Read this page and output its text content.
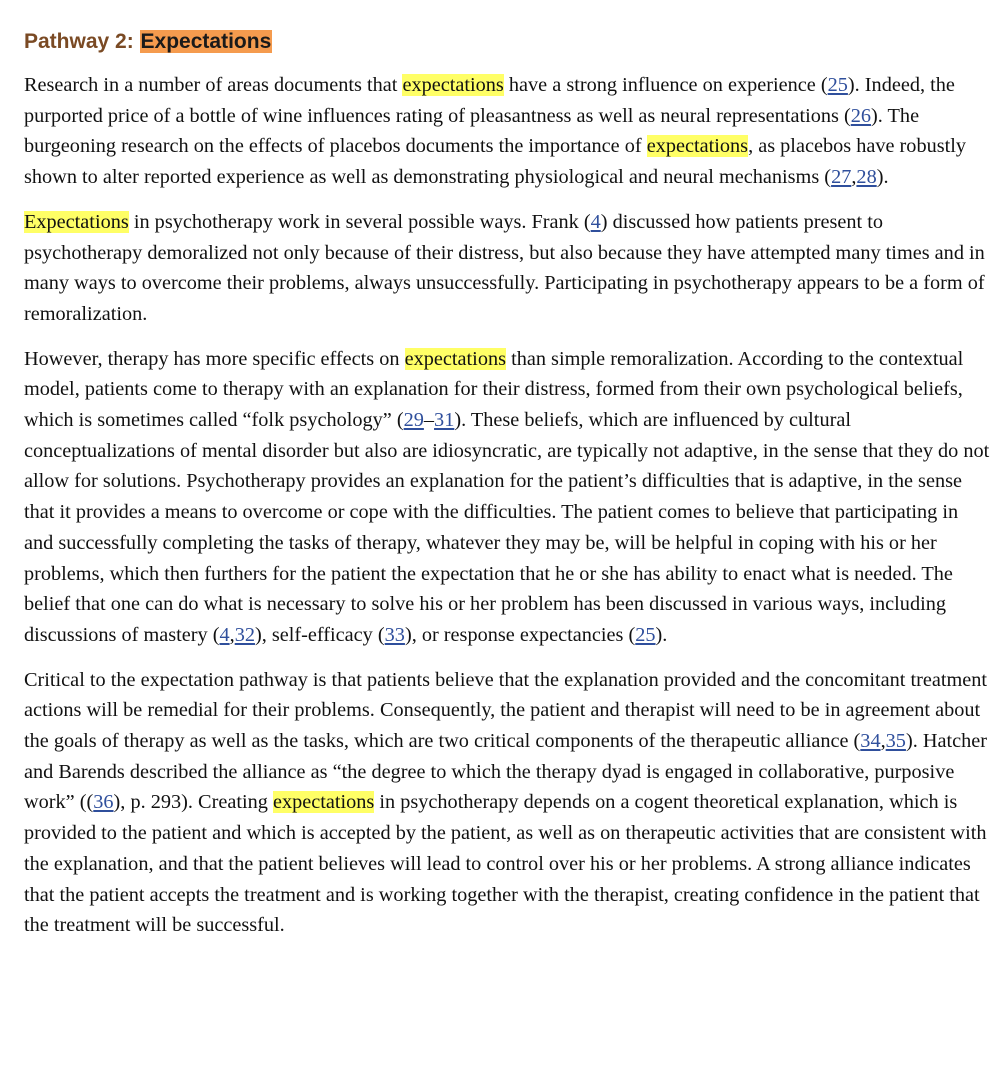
Pathway 2: Expectations

Research in a number of areas documents that expectations have a strong influence on experience (25). Indeed, the purported price of a bottle of wine influences rating of pleasantness as well as neural representations (26). The burgeoning research on the effects of placebos documents the importance of expectations, as placebos have robustly shown to alter reported experience as well as demonstrating physiological and neural mechanisms (27,28).

Expectations in psychotherapy work in several possible ways. Frank (4) discussed how patients present to psychotherapy demoralized not only because of their distress, but also because they have attempted many times and in many ways to overcome their problems, always unsuccessfully. Participating in psychotherapy appears to be a form of remoralization.

However, therapy has more specific effects on expectations than simple remoralization. According to the contextual model, patients come to therapy with an explanation for their distress, formed from their own psychological beliefs, which is sometimes called “folk psychology” (29–31). These beliefs, which are influenced by cultural conceptualizations of mental disorder but also are idiosyncratic, are typically not adaptive, in the sense that they do not allow for solutions. Psychotherapy provides an explanation for the patient’s difficulties that is adaptive, in the sense that it provides a means to overcome or cope with the difficulties. The patient comes to believe that participating in and successfully completing the tasks of therapy, whatever they may be, will be helpful in coping with his or her problems, which then furthers for the patient the expectation that he or she has ability to enact what is needed. The belief that one can do what is necessary to solve his or her problem has been discussed in various ways, including discussions of mastery (4,32), self-efficacy (33), or response expectancies (25).

Critical to the expectation pathway is that patients believe that the explanation provided and the concomitant treatment actions will be remedial for their problems. Consequently, the patient and therapist will need to be in agreement about the goals of therapy as well as the tasks, which are two critical components of the therapeutic alliance (34,35). Hatcher and Barends described the alliance as “the degree to which the therapy dyad is engaged in collaborative, purposive work” ((36), p. 293). Creating expectations in psychotherapy depends on a cogent theoretical explanation, which is provided to the patient and which is accepted by the patient, as well as on therapeutic activities that are consistent with the explanation, and that the patient believes will lead to control over his or her problems. A strong alliance indicates that the patient accepts the treatment and is working together with the therapist, creating confidence in the patient that the treatment will be successful.
